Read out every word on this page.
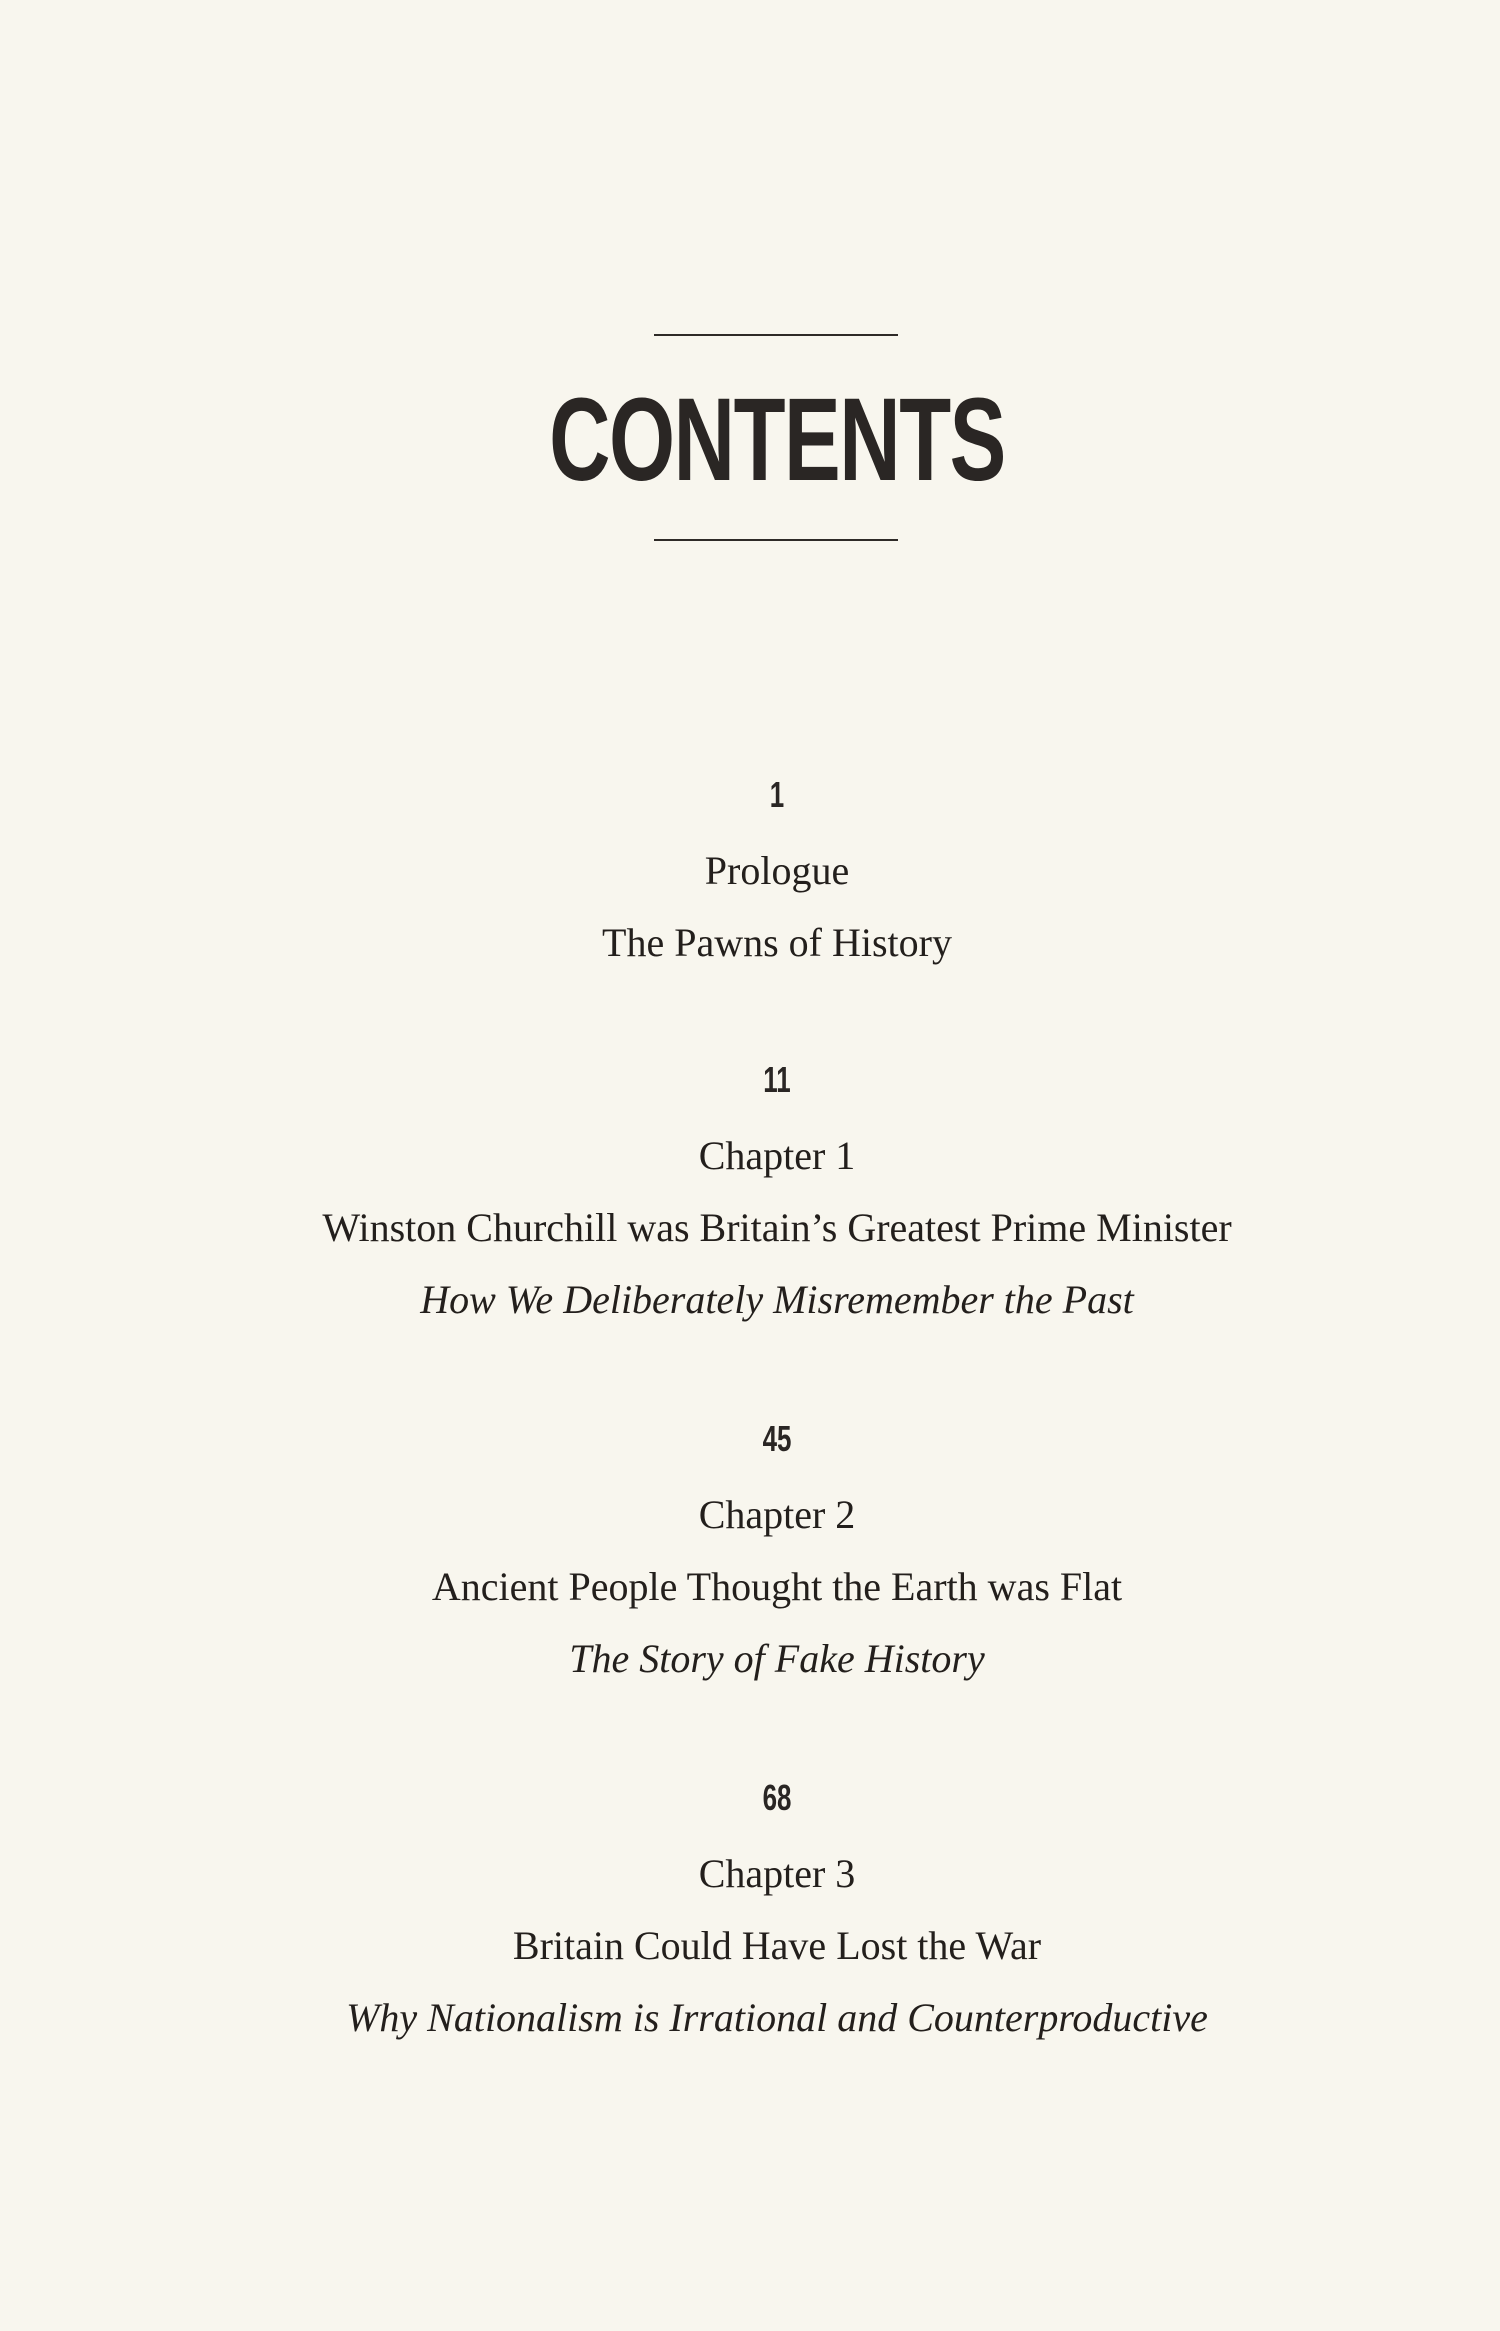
CONTENTS
1
Prologue
The Pawns of History
11
Chapter 1
Winston Churchill was Britain’s Greatest Prime Minister
How We Deliberately Misremember the Past
45
Chapter 2
Ancient People Thought the Earth was Flat
The Story of Fake History
68
Chapter 3
Britain Could Have Lost the War
Why Nationalism is Irrational and Counterproductive
